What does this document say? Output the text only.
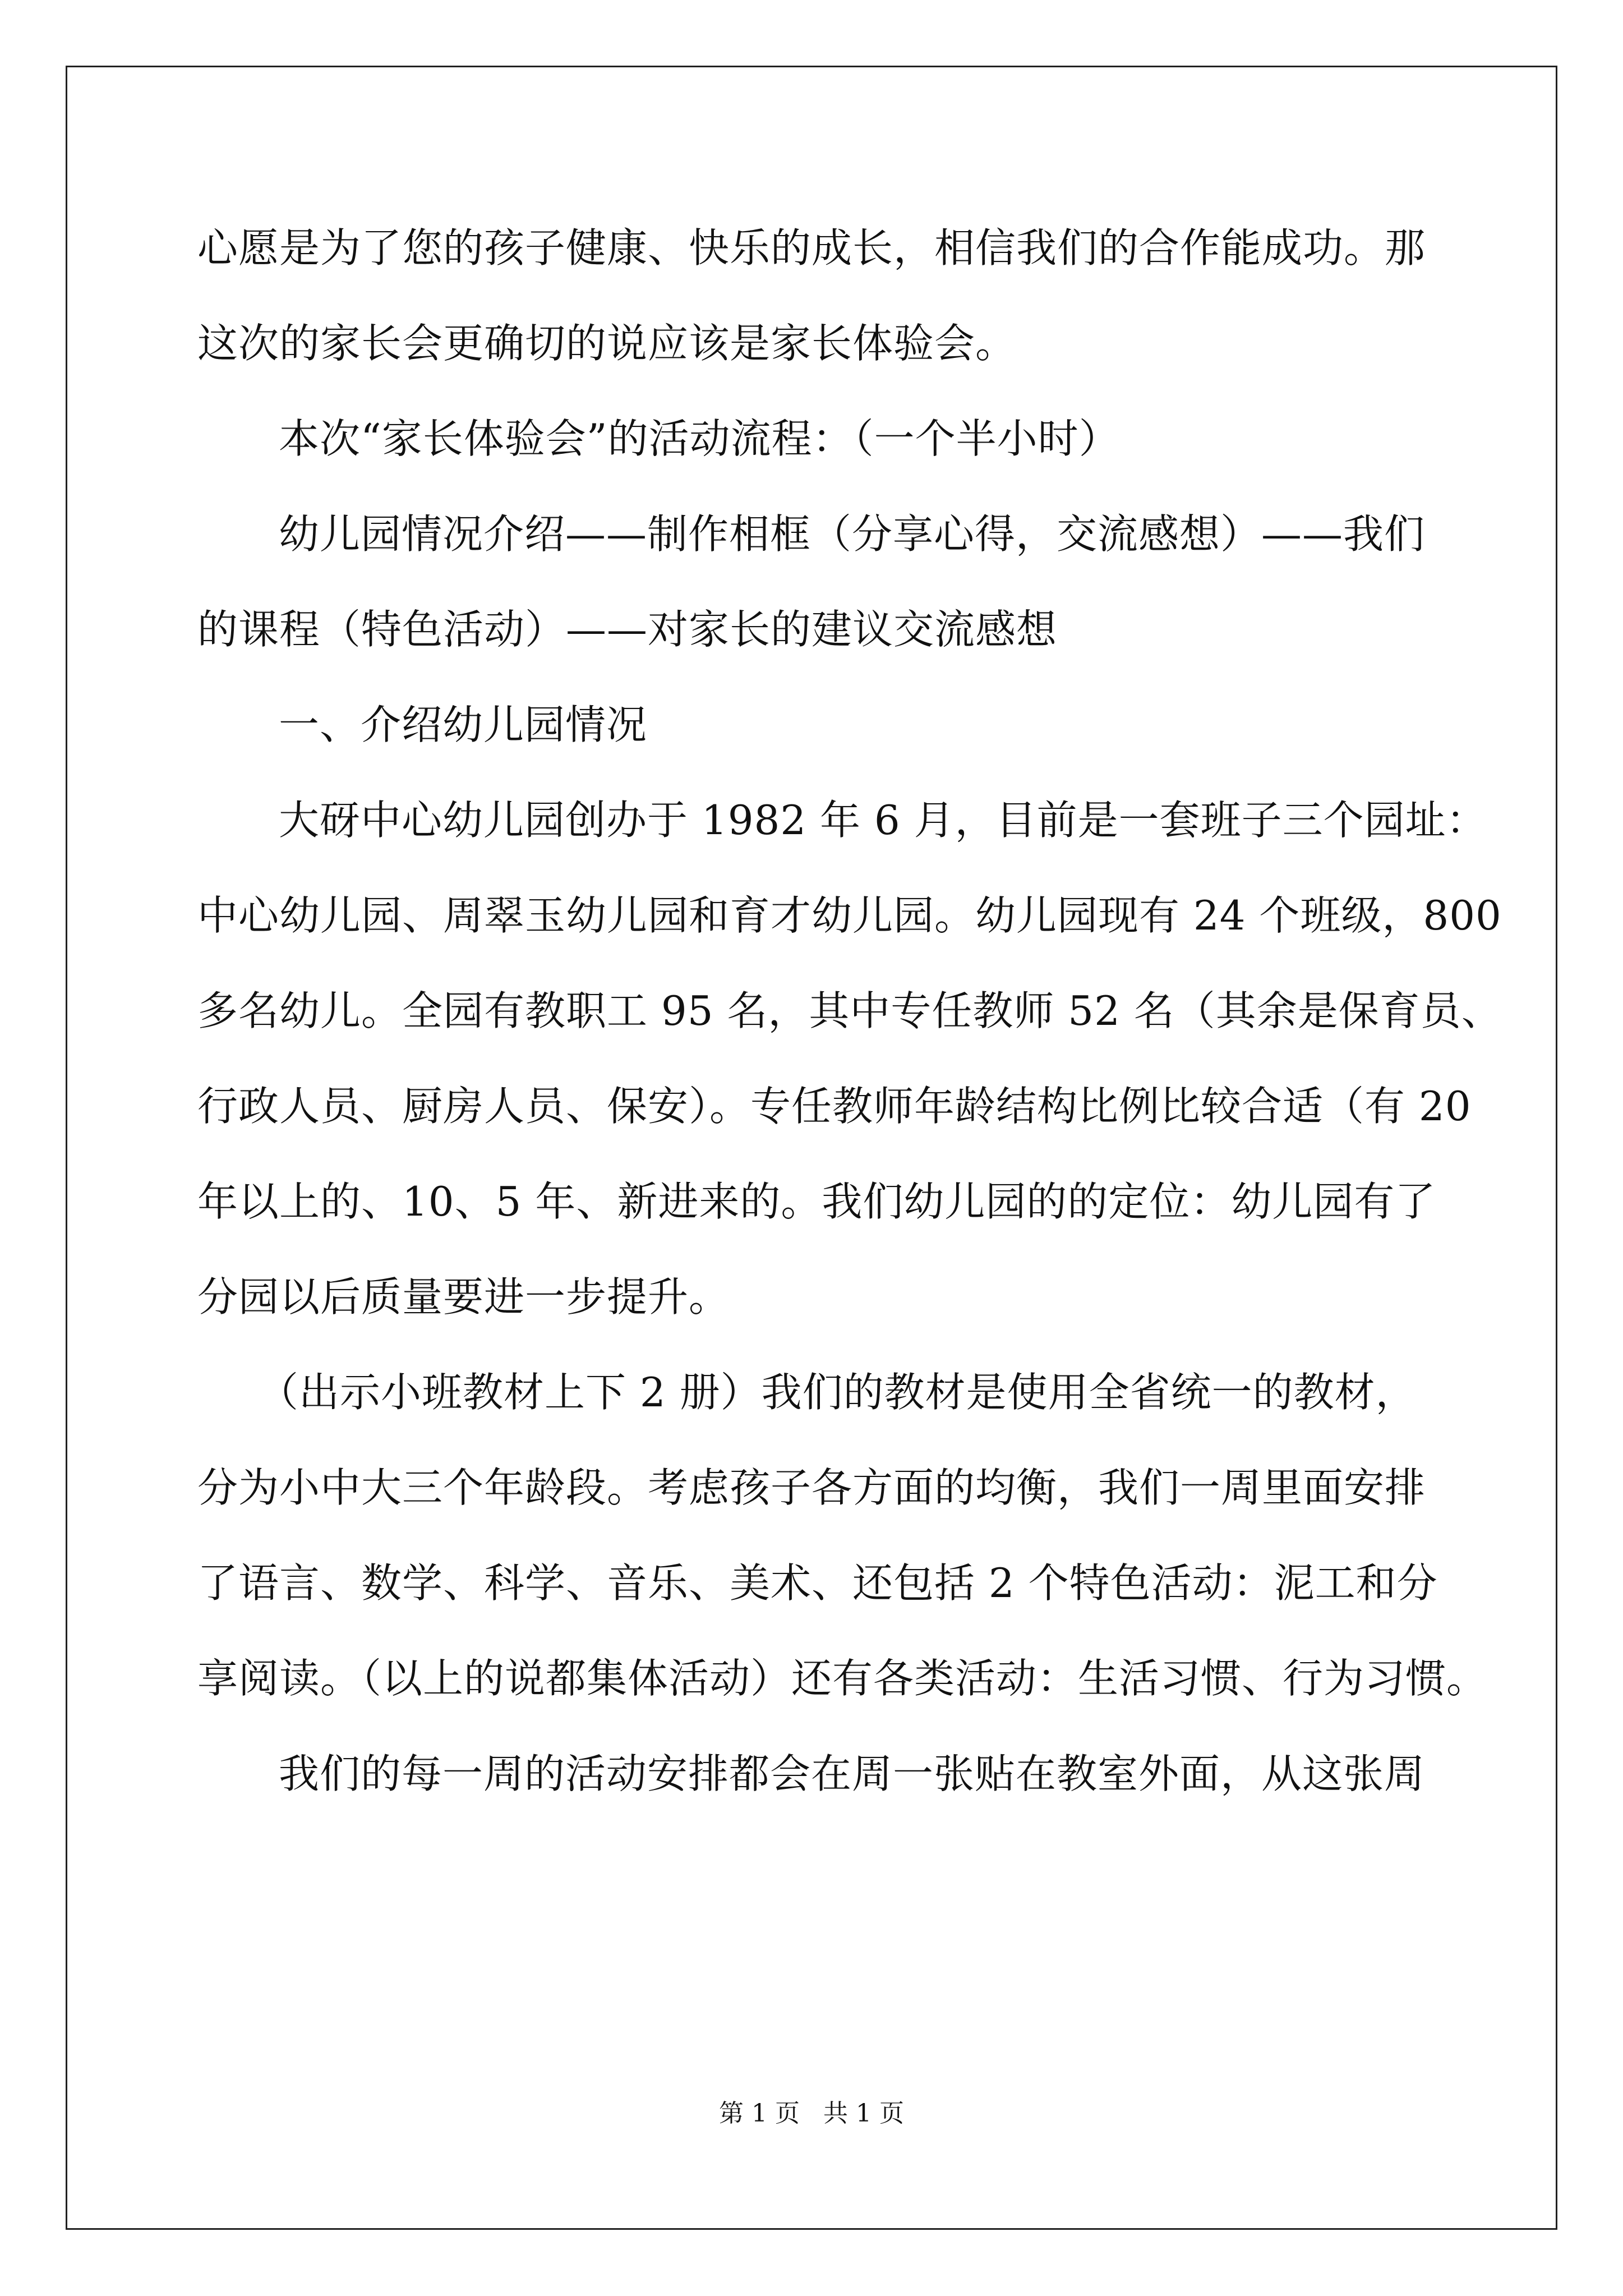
心愿是为了您的孩子健康、快乐的成长，相信我们的合作能成功。那
这次的家长会更确切的说应该是家长体验会。
本次“家长体验会”的活动流程：（一个半小时）
幼儿园情况介绍——制作相框（分享心得，交流感想）——我们
的课程（特色活动）——对家长的建议交流感想
一、介绍幼儿园情况
大砑中心幼儿园创办于 1982 年 6 月，目前是一套班子三个园址：
中心幼儿园、周翠玉幼儿园和育才幼儿园。幼儿园现有 24 个班级，800
多名幼儿。全园有教职工 95 名，其中专任教师 52 名（其余是保育员、
行政人员、厨房人员、保安）。专任教师年龄结构比例比较合适（有 20
年以上的、10、5 年、新进来的。我们幼儿园的的定位：幼儿园有了
分园以后质量要进一步提升。
（出示小班教材上下 2 册）我们的教材是使用全省统一的教材，
分为小中大三个年龄段。考虑孩子各方面的均衡，我们一周里面安排
了语言、数学、科学、音乐、美术、还包括 2 个特色活动：泥工和分
享阅读。（以上的说都集体活动）还有各类活动：生活习惯、行为习惯。
我们的每一周的活动安排都会在周一张贴在教室外面，从这张周
第 1 页 共 1 页
